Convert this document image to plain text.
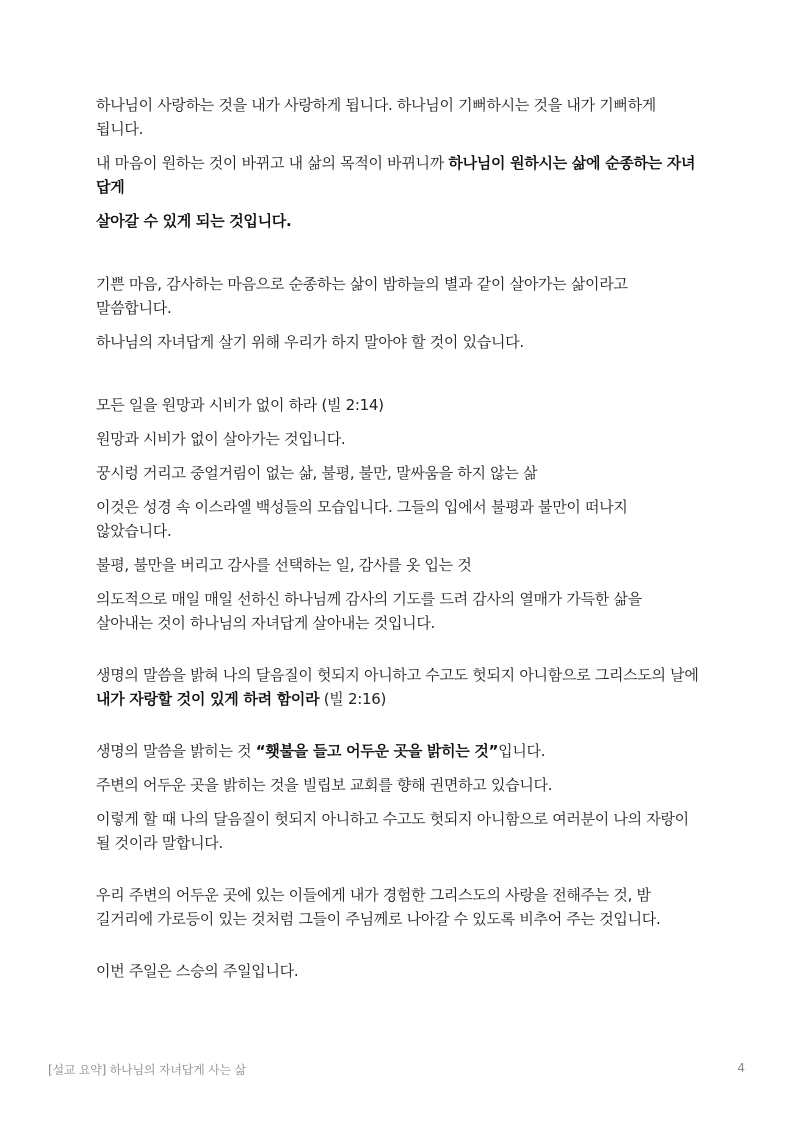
하나님이 사랑하는 것을 내가 사랑하게 됩니다. 하나님이 기뻐하시는 것을 내가 기뻐하게 됩니다.

내 마음이 원하는 것이 바뀌고 내 삶의 목적이 바뀌니까 하나님이 원하시는 삶에 순종하는 자녀 답게

살아갈 수 있게 되는 것입니다.

기쁜 마음, 감사하는 마음으로 순종하는 삶이 밤하늘의 별과 같이 살아가는 삶이라고 말씀합니다.

하나님의 자녀답게 살기 위해 우리가 하지 말아야 할 것이 있습니다.

모든 일을 원망과 시비가 없이 하라 (빌 2:14)

원망과 시비가 없이 살아가는 것입니다.

꿍시렁 거리고 중얼거림이 없는 삶, 불평, 불만, 말싸움을 하지 않는 삶

이것은 성경 속 이스라엘 백성들의 모습입니다. 그들의 입에서 불평과 불만이 떠나지 않았습니다.

불평, 불만을 버리고 감사를 선택하는 일, 감사를 옷 입는 것

의도적으로 매일 매일 선하신 하나님께 감사의 기도를 드려 감사의 열매가 가득한 삶을 살아내는 것이 하나님의 자녀답게 살아내는 것입니다.

생명의 말씀을 밝혀 나의 달음질이 헛되지 아니하고 수고도 헛되지 아니함으로 그리스도의 날에 내가 자랑할 것이 있게 하려 함이라 (빌 2:16)

생명의 말씀을 밝히는 것 “횃불을 들고 어두운 곳을 밝히는 것”입니다.

주변의 어두운 곳을 밝히는 것을 빌립보 교회를 향해 권면하고 있습니다.

이렇게 할 때 나의 달음질이 헛되지 아니하고 수고도 헛되지 아니함으로 여러분이 나의 자랑이 될 것이라 말합니다.

우리 주변의 어두운 곳에 있는 이들에게 내가 경험한 그리스도의 사랑을 전해주는 것, 밤 길거리에 가로등이 있는 것처럼 그들이 주님께로 나아갈 수 있도록 비추어 주는 것입니다.

이번 주일은 스승의 주일입니다.

[설교 요약] 하나님의 자녀답게 사는 삶	4
